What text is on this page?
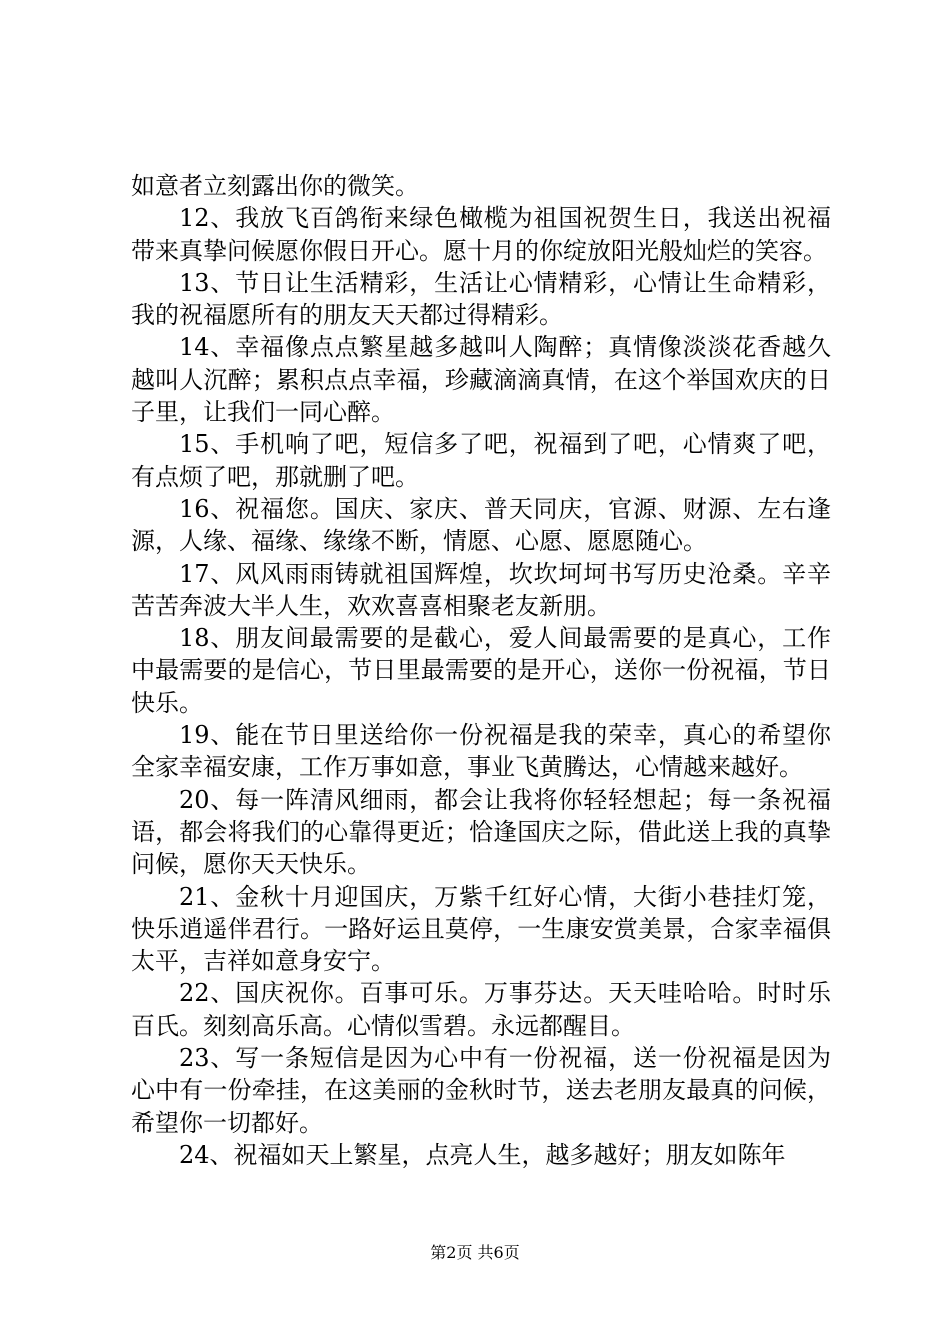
如意者立刻露出你的微笑。

12、我放飞百鸽衔来绿色橄榄为祖国祝贺生日，我送出祝福带来真挚问候愿你假日开心。愿十月的你绽放阳光般灿烂的笑容。

13、节日让生活精彩，生活让心情精彩，心情让生命精彩，我的祝福愿所有的朋友天天都过得精彩。

14、幸福像点点繁星越多越叫人陶醉；真情像淡淡花香越久越叫人沉醉；累积点点幸福，珍藏滴滴真情，在这个举国欢庆的日子里，让我们一同心醉。

15、手机响了吧，短信多了吧，祝福到了吧，心情爽了吧，有点烦了吧，那就删了吧。

16、祝福您。国庆、家庆、普天同庆，官源、财源、左右逢源，人缘、福缘、缘缘不断，情愿、心愿、愿愿随心。

17、风风雨雨铸就祖国辉煌，坎坎坷坷书写历史沧桑。辛辛苦苦奔波大半人生，欢欢喜喜相聚老友新朋。

18、朋友间最需要的是截心，爱人间最需要的是真心，工作中最需要的是信心，节日里最需要的是开心，送你一份祝福，节日快乐。

19、能在节日里送给你一份祝福是我的荣幸，真心的希望你全家幸福安康，工作万事如意，事业飞黄腾达，心情越来越好。

20、每一阵清风细雨，都会让我将你轻轻想起；每一条祝福语，都会将我们的心靠得更近；恰逢国庆之际，借此送上我的真挚问候，愿你天天快乐。

21、金秋十月迎国庆，万紫千红好心情，大街小巷挂灯笼，快乐逍遥伴君行。一路好运且莫停，一生康安赏美景，合家幸福俱太平，吉祥如意身安宁。

22、国庆祝你。百事可乐。万事芬达。天天哇哈哈。时时乐百氏。刻刻高乐高。心情似雪碧。永远都醒目。

23、写一条短信是因为心中有一份祝福，送一份祝福是因为心中有一份牵挂，在这美丽的金秋时节，送去老朋友最真的问候，希望你一切都好。

24、祝福如天上繁星，点亮人生，越多越好；朋友如陈年

第2页 共6页
